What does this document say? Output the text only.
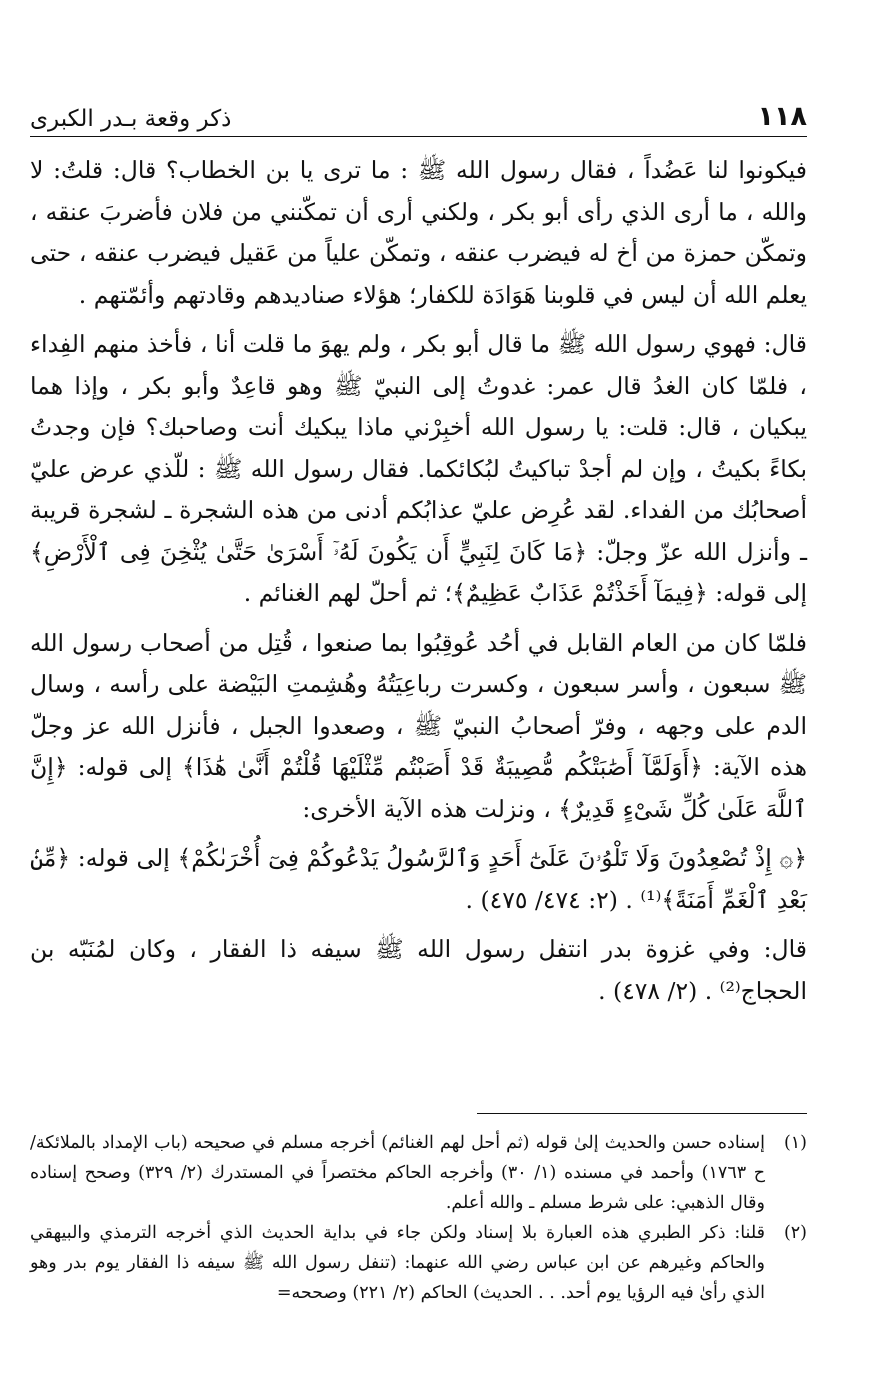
١١٨
ذكر وقعة بـدر الكبرى

فيكونوا لنا عَضُداً ، فقال رسول الله ﷺ : ما ترى يا بن الخطاب؟ قال: قلتُ: لا والله ، ما أرى الذي رأى أبو بكر ، ولكني أرى أن تمكّنني من فلان فأضربَ عنقه ، وتمكّن حمزة من أخ له فيضرب عنقه ، وتمكّن علياً من عَقيل فيضرب عنقه ، حتى يعلم الله أن ليس في قلوبنا هَوَادَة للكفار؛ هؤلاء صناديدهم وقادتهم وأئمّتهم .

قال: فهوي رسول الله ﷺ ما قال أبو بكر ، ولم يهوَ ما قلت أنا ، فأخذ منهم الفِداء ، فلمّا كان الغدُ قال عمر: غدوتُ إلى النبيّ ﷺ وهو قاعِدٌ وأبو بكر ، وإذا هما يبكيان ، قال: قلت: يا رسول الله أخبِرْني ماذا يبكيك أنت وصاحبك؟ فإن وجدتُ بكاءً بكيتُ ، وإن لم أجدْ تباكيتُ لبُكائكما. فقال رسول الله ﷺ : للّذي عرض عليّ أصحابُك من الفداء. لقد عُرِض عليّ عذابُكم أدنى من هذه الشجرة ـ لشجرة قريبة ـ وأنزل الله عزّ وجلّ: ﴿مَا كَانَ لِنَبِيٍّ أَن يَكُونَ لَهُۥٓ أَسْرَىٰ حَتَّىٰ يُثْخِنَ فِى ٱلْأَرْضِ﴾ إلى قوله: ﴿فِيمَآ أَخَذْتُمْ عَذَابٌ عَظِيمٌ﴾؛ ثم أحلّ لهم الغنائم .

فلمّا كان من العام القابل في أحُد عُوقِبُوا بما صنعوا ، قُتِل من أصحاب رسول الله ﷺ سبعون ، وأسر سبعون ، وكسرت رباعِيَتُهُ وهُشِمتِ البَيْضة على رأسه ، وسال الدم على وجهه ، وفرّ أصحابُ النبيّ ﷺ ، وصعدوا الجبل ، فأنزل الله عز وجلّ هذه الآية: ﴿أَوَلَمَّآ أَصَٰبَتْكُم مُّصِيبَةٌ قَدْ أَصَبْتُم مِّثْلَيْهَا قُلْتُمْ أَنَّىٰ هَٰذَا﴾ إلى قوله: ﴿إِنَّ ٱللَّهَ عَلَىٰ كُلِّ شَىْءٍ قَدِيرٌ﴾ ، ونزلت هذه الآية الأخرى:

﴿۞ إِذْ تُصْعِدُونَ وَلَا تَلْوُۥنَ عَلَىٰٓ أَحَدٍ وَٱلرَّسُولُ يَدْعُوكُمْ فِىٓ أُخْرَىٰكُمْ﴾ إلى قوله: ﴿مِّنۢ بَعْدِ ٱلْغَمِّ أَمَنَةً﴾⁽¹⁾ . (٢: ٤٧٤/ ٤٧٥) .

قال: وفي غزوة بدر انتفل رسول الله ﷺ سيفه ذا الفقار ، وكان لمُنَبّه بن الحجاج⁽²⁾ . (٢/ ٤٧٨) .

(١)
إسناده حسن والحديث إلىٰ قوله (ثم أحل لهم الغنائم) أخرجه مسلم في صحيحه (باب الإمداد بالملائكة/ح ١٧٦٣) وأحمد في مسنده (١/ ٣٠) وأخرجه الحاكم مختصراً في المستدرك (٢/ ٣٢٩) وصحح إسناده وقال الذهبي: على شرط مسلم ـ والله أعلم.
(٢)
قلنا: ذكر الطبري هذه العبارة بلا إسناد ولكن جاء في بداية الحديث الذي أخرجه الترمذي والبيهقي والحاكم وغيرهم عن ابن عباس رضي الله عنهما: (تنفل رسول الله ﷺ سيفه ذا الفقار يوم بدر وهو الذي رأىٰ فيه الرؤيا يوم أحد. . . الحديث) الحاكم (٢/ ٢٢١) وصححه=
